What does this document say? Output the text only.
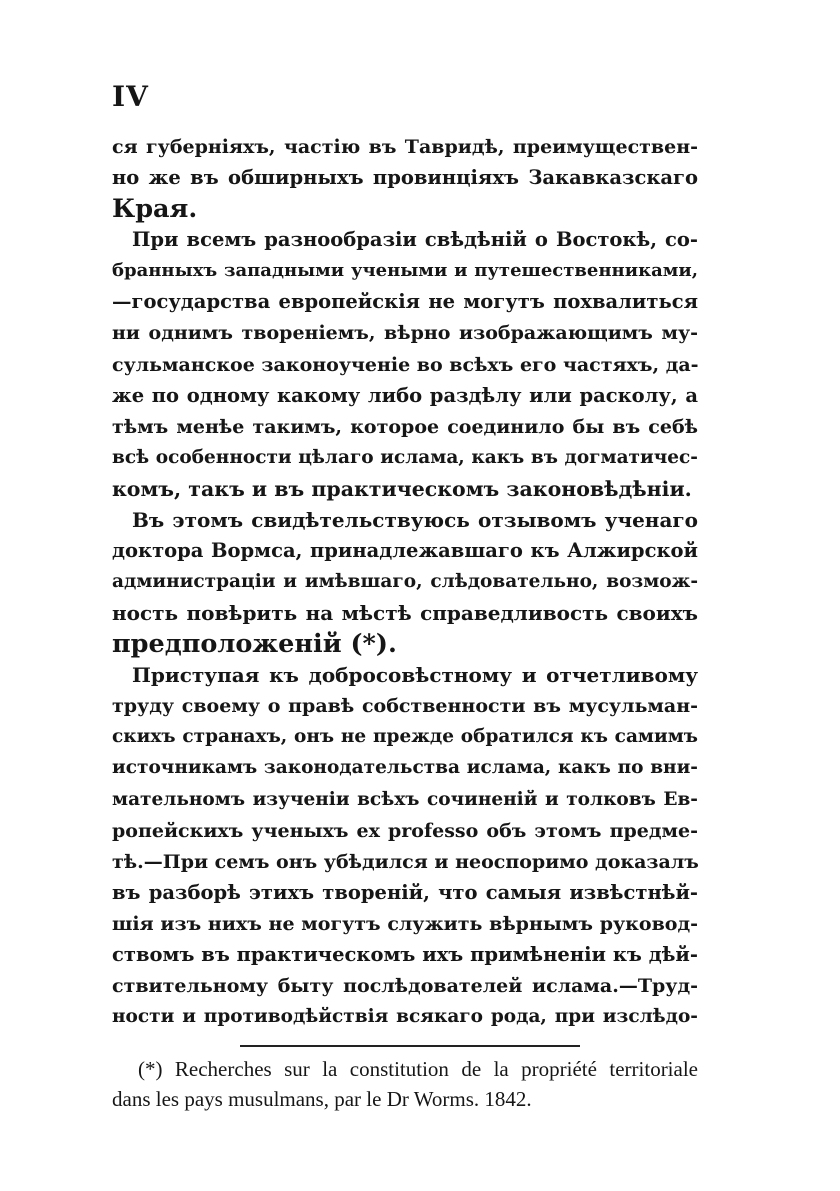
IV
ся губерніяхъ, частію въ Тавридѣ, преимуществен-
но же въ обширныхъ провинціяхъ Закавказскаго
Края.
При всемъ разнообразіи свѣдѣній о Востокѣ, со-
бранныхъ западными учеными и путешественниками,
—государства европейскія не могутъ похвалиться
ни однимъ твореніемъ, вѣрно изображающимъ му-
сульманское законоученіе во всѣхъ его частяхъ, да-
же по одному какому либо раздѣлу или расколу, а
тѣмъ менѣе такимъ, которое соединило бы въ себѣ
всѣ особенности цѣлаго ислама, какъ въ догматичес-
комъ, такъ и въ практическомъ законовѣдѣніи.
Въ этомъ свидѣтельствуюсь отзывомъ ученаго
доктора Вормса, принадлежавшаго къ Алжирской
администраціи и имѣвшаго, слѣдовательно, возмож-
ность повѣрить на мѣстѣ справедливость своихъ
предположеній (*).
Приступая къ добросовѣстному и отчетливому
труду своему о правѣ собственности въ мусульман-
скихъ странахъ, онъ не прежде обратился къ самимъ
источникамъ законодательства ислама, какъ по вни-
мательномъ изученіи всѣхъ сочиненій и толковъ Ев-
ропейскихъ ученыхъ ex professo объ этомъ предме-
тѣ.—При семъ онъ убѣдился и неоспоримо доказалъ
въ разборѣ этихъ твореній, что самыя извѣстнѣй-
шія изъ нихъ не могутъ служить вѣрнымъ руковод-
ствомъ въ практическомъ ихъ примѣненіи къ дѣй-
ствительному быту послѣдователей ислама.—Труд-
ности и противодѣйствія всякаго рода, при изслѣдо-
(*) Recherches sur la constitution de la propriété territoriale
dans les pays musulmans, par le Dr Worms. 1842.
